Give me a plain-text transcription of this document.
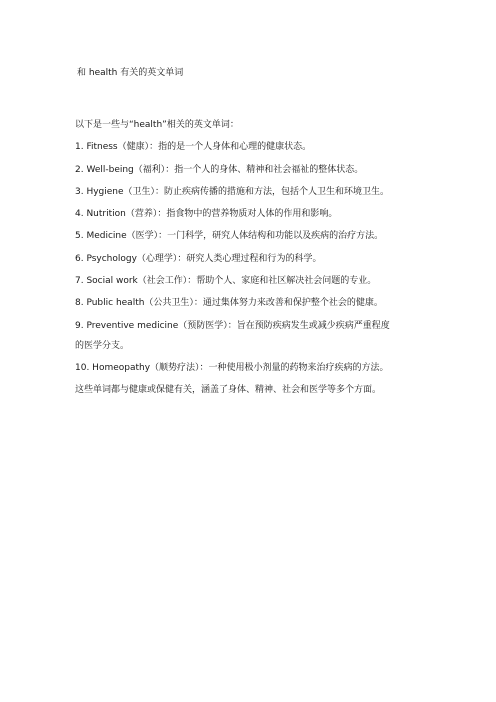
和 health 有关的英文单词
以下是一些与“health”相关的英文单词：
1. Fitness（健康）：指的是一个人身体和心理的健康状态。
2. Well-being（福利）：指一个人的身体、精神和社会福祉的整体状态。
3. Hygiene（卫生）：防止疾病传播的措施和方法，包括个人卫生和环境卫生。
4. Nutrition（营养）：指食物中的营养物质对人体的作用和影响。
5. Medicine（医学）：一门科学，研究人体结构和功能以及疾病的治疗方法。
6. Psychology（心理学）：研究人类心理过程和行为的科学。
7. Social work（社会工作）：帮助个人、家庭和社区解决社会问题的专业。
8. Public health（公共卫生）：通过集体努力来改善和保护整个社会的健康。
9. Preventive medicine（预防医学）：旨在预防疾病发生或减少疾病严重程度
的医学分支。
10. Homeopathy（顺势疗法）：一种使用极小剂量的药物来治疗疾病的方法。
这些单词都与健康或保健有关，涵盖了身体、精神、社会和医学等多个方面。
